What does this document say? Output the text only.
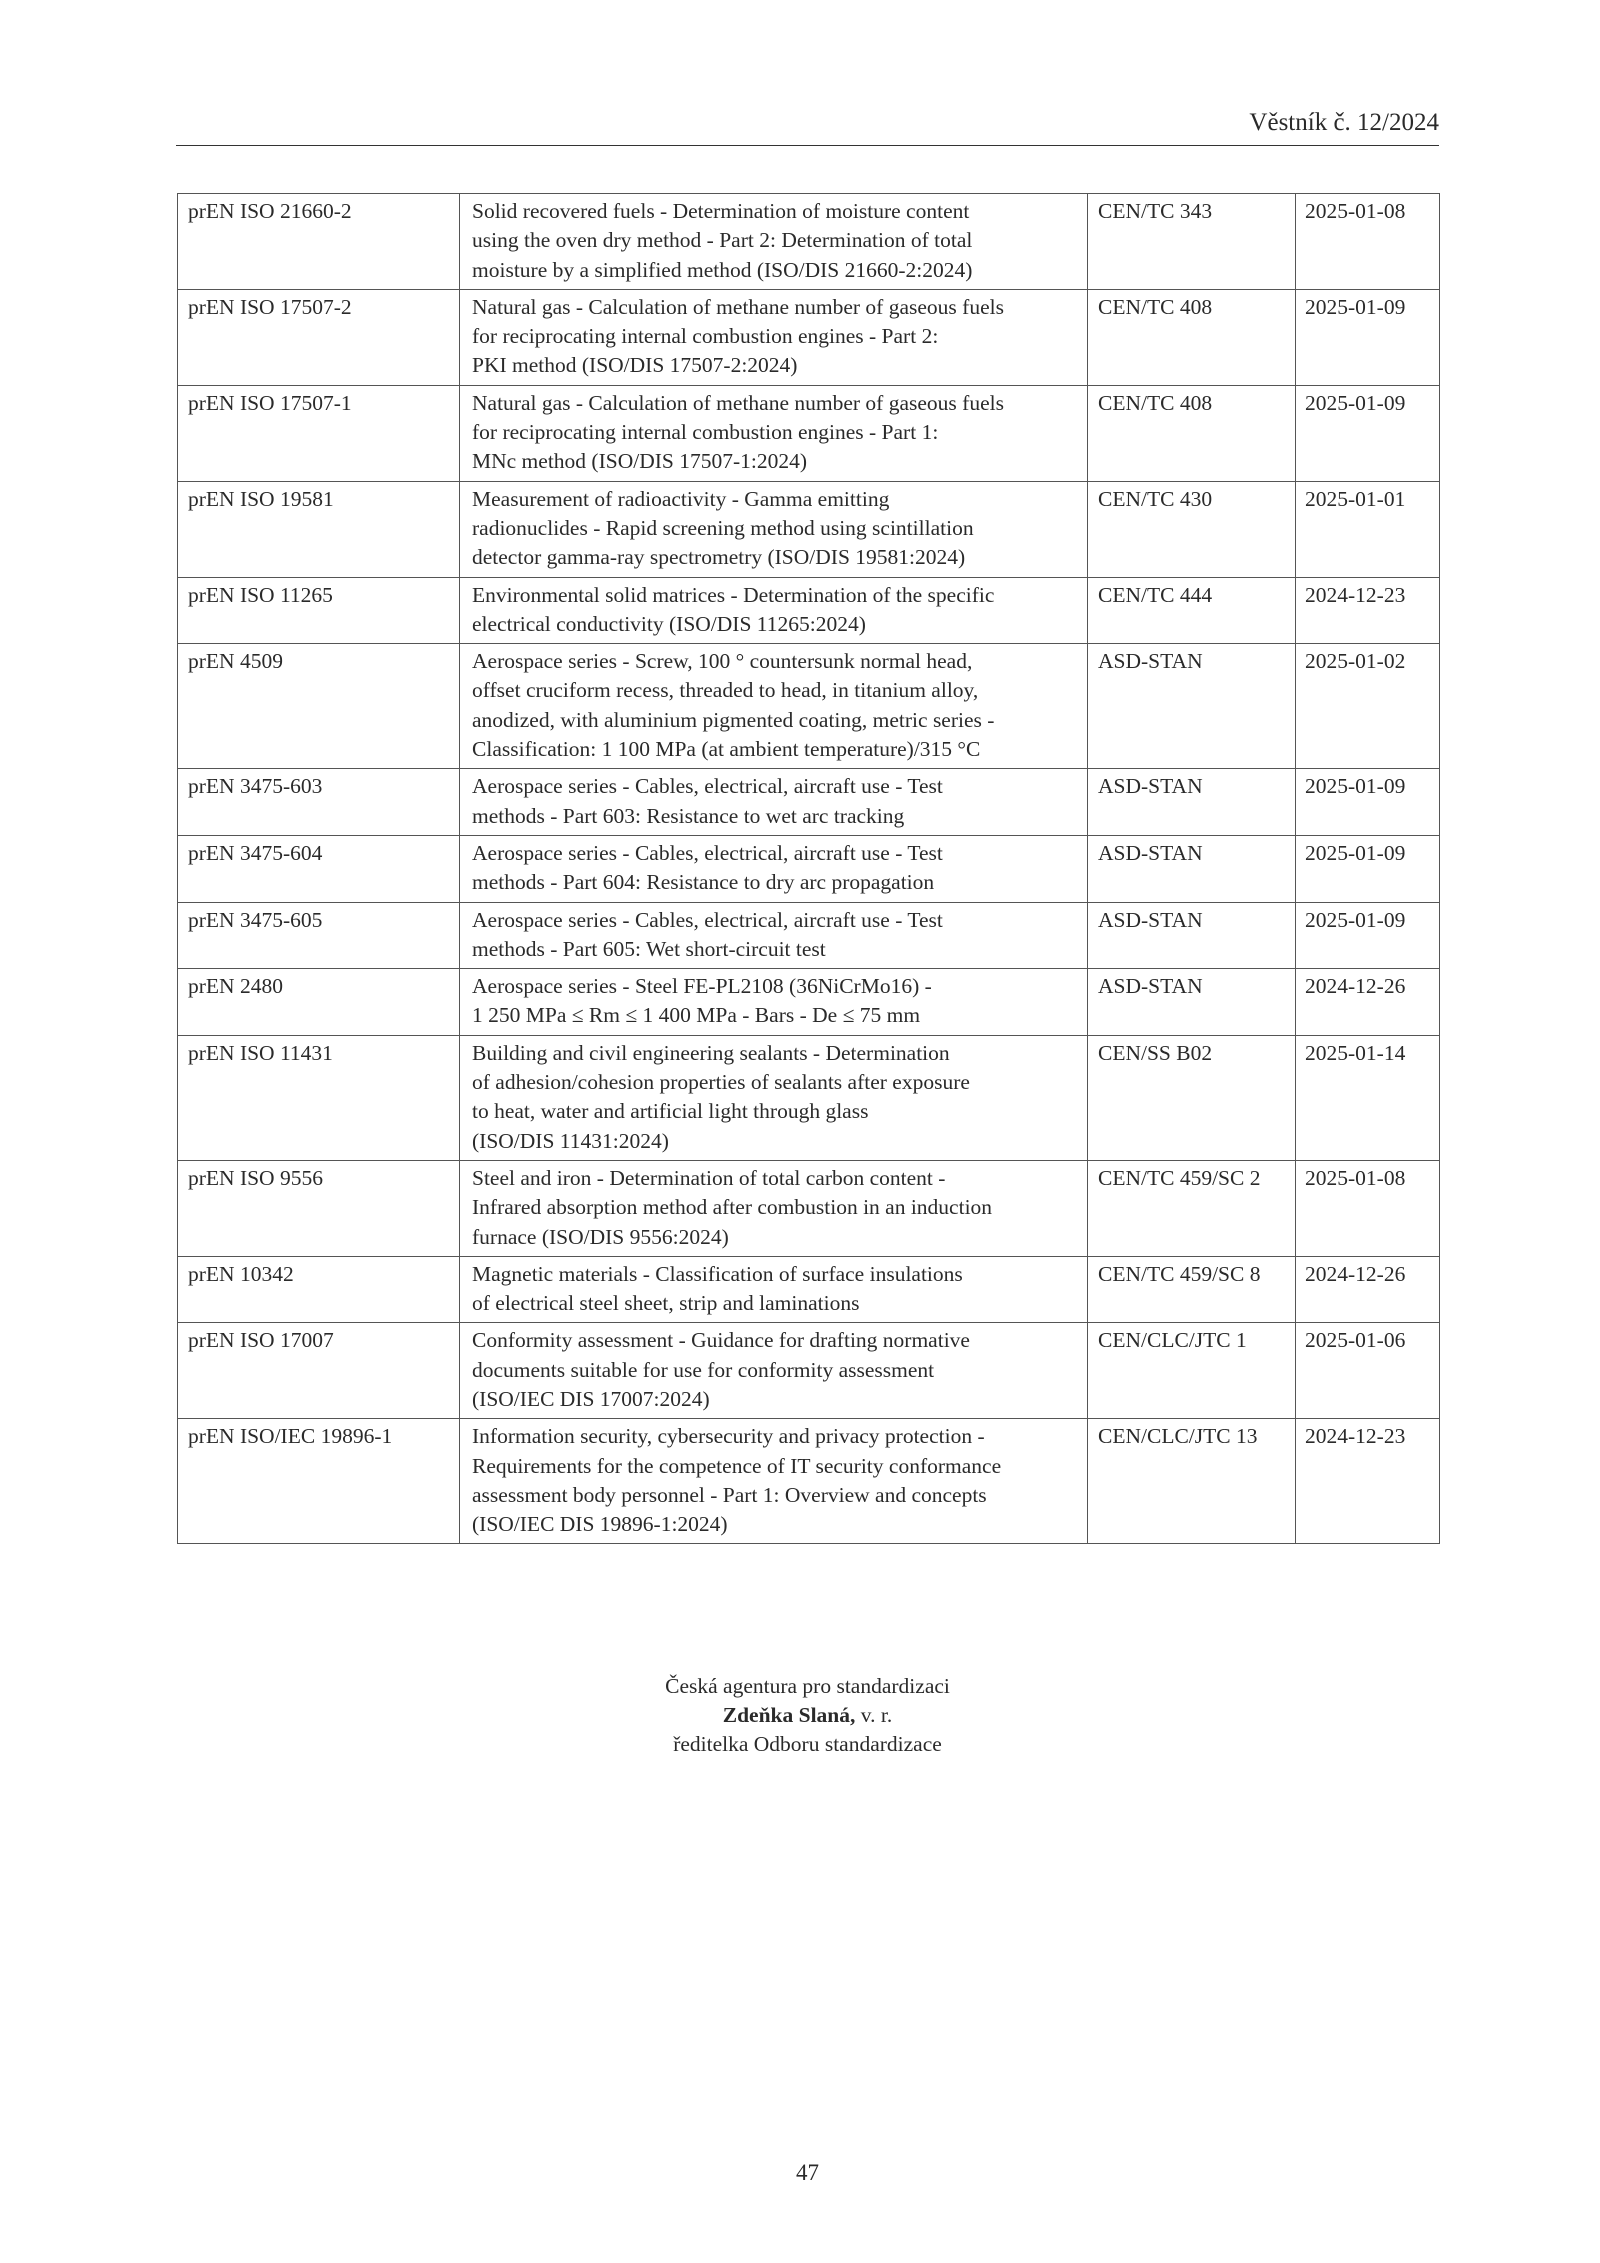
Věstník č. 12/2024
prEN ISO 21660-2	Solid recovered fuels - Determination of moisture content
using the oven dry method - Part 2: Determination of total
moisture by a simplified method (ISO/DIS 21660-2:2024)	CEN/TC 343	2025-01-08
prEN ISO 17507-2	Natural gas - Calculation of methane number of gaseous fuels
for reciprocating internal combustion engines - Part 2:
PKI method (ISO/DIS 17507-2:2024)	CEN/TC 408	2025-01-09
prEN ISO 17507-1	Natural gas - Calculation of methane number of gaseous fuels
for reciprocating internal combustion engines - Part 1:
MNc method (ISO/DIS 17507-1:2024)	CEN/TC 408	2025-01-09
prEN ISO 19581	Measurement of radioactivity - Gamma emitting
radionuclides - Rapid screening method using scintillation
detector gamma-ray spectrometry (ISO/DIS 19581:2024)	CEN/TC 430	2025-01-01
prEN ISO 11265	Environmental solid matrices - Determination of the specific
electrical conductivity (ISO/DIS 11265:2024)	CEN/TC 444	2024-12-23
prEN 4509	Aerospace series - Screw, 100 ° countersunk normal head,
offset cruciform recess, threaded to head, in titanium alloy,
anodized, with aluminium pigmented coating, metric series -
Classification: 1 100 MPa (at ambient temperature)/315 °C	ASD-STAN	2025-01-02
prEN 3475-603	Aerospace series - Cables, electrical, aircraft use - Test
methods - Part 603: Resistance to wet arc tracking	ASD-STAN	2025-01-09
prEN 3475-604	Aerospace series - Cables, electrical, aircraft use - Test
methods - Part 604: Resistance to dry arc propagation	ASD-STAN	2025-01-09
prEN 3475-605	Aerospace series - Cables, electrical, aircraft use - Test
methods - Part 605: Wet short-circuit test	ASD-STAN	2025-01-09
prEN 2480	Aerospace series - Steel FE-PL2108 (36NiCrMo16) -
1 250 MPa ≤ Rm ≤ 1 400 MPa - Bars - De ≤ 75 mm	ASD-STAN	2024-12-26
prEN ISO 11431	Building and civil engineering sealants - Determination
of adhesion/cohesion properties of sealants after exposure
to heat, water and artificial light through glass
(ISO/DIS 11431:2024)	CEN/SS B02	2025-01-14
prEN ISO 9556	Steel and iron - Determination of total carbon content -
Infrared absorption method after combustion in an induction
furnace (ISO/DIS 9556:2024)	CEN/TC 459/SC 2	2025-01-08
prEN 10342	Magnetic materials - Classification of surface insulations
of electrical steel sheet, strip and laminations	CEN/TC 459/SC 8	2024-12-26
prEN ISO 17007	Conformity assessment - Guidance for drafting normative
documents suitable for use for conformity assessment
(ISO/IEC DIS 17007:2024)	CEN/CLC/JTC 1	2025-01-06
prEN ISO/IEC 19896-1	Information security, cybersecurity and privacy protection -
Requirements for the competence of IT security conformance
assessment body personnel - Part 1: Overview and concepts
(ISO/IEC DIS 19896-1:2024)	CEN/CLC/JTC 13	2024-12-23
Česká agentura pro standardizaci
Zdeňka Slaná, v. r.
ředitelka Odboru standardizace
47
